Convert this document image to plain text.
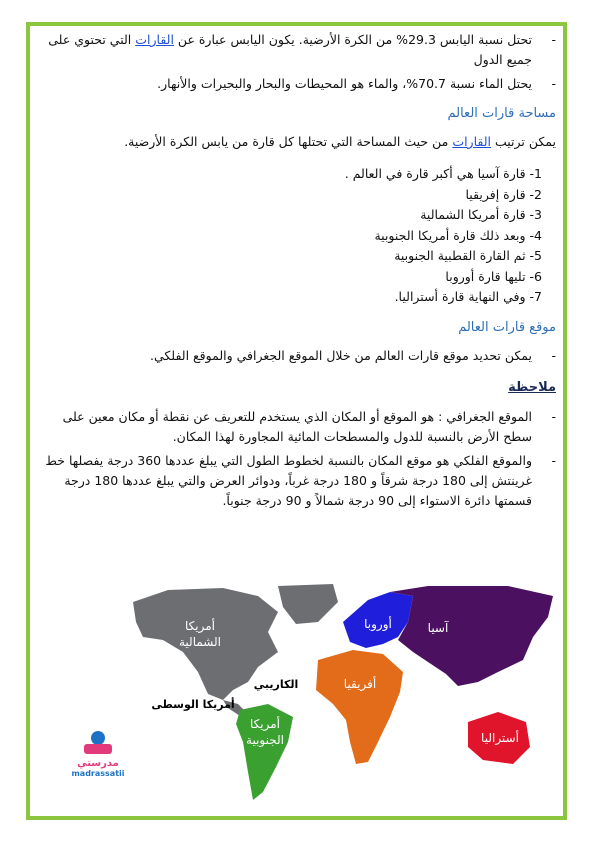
-
تحتل نسبة اليابس 29.3% من الكرة الأرضية. يكون اليابس عبارة عن القارات التي تحتوي على جميع الدول

-
يحتل الماء نسبة 70.7%، والماء هو المحيطات والبحار والبحيرات والأنهار.

مساحة قارات العالم

يمكن ترتيب القارات من حيث المساحة التي تحتلها كل قارة من يابس الكرة الأرضية.

1- قارة آسيا هي أكبر قارة في العالم .
2- قارة إفريقيا
3- قارة أمريكا الشمالية
4- وبعد ذلك قارة أمريكا الجنوبية
5- ثم القارة القطبية الجنوبية
6- تليها قارة أوروبا
7- وفي النهاية قارة أستراليا.
موقع قارات العالم

-
يمكن تحديد موقع قارات العالم من خلال الموقع الجغرافي والموقع الفلكي.

ملاحظة

-
الموقع الجغرافي : هو الموقع أو المكان الذي يستخدم للتعريف عن نقطة أو مكان معين على سطح الأرض بالنسبة للدول والمسطحات المائية المجاورة لهذا المكان.

-
والموقع الفلكي هو موقع المكان بالنسبة لخطوط الطول التي يبلغ عددها 360 درجة يفصلها خط غرينتش إلى 180 درجة شرقاً و 180 درجة غرباً، ودوائر العرض والتي يبلغ عددها 180 درجة قسمتها دائرة الاستواء إلى 90 درجة شمالاً و 90 درجة جنوباً.

أمريكا
الشمالية
أوروبا	آسيا
أفريقيا
أمريكا
الجنوبية	أستراليا
الكاريبي
أمريكا الوسطى
مدرستي
madrassatii
